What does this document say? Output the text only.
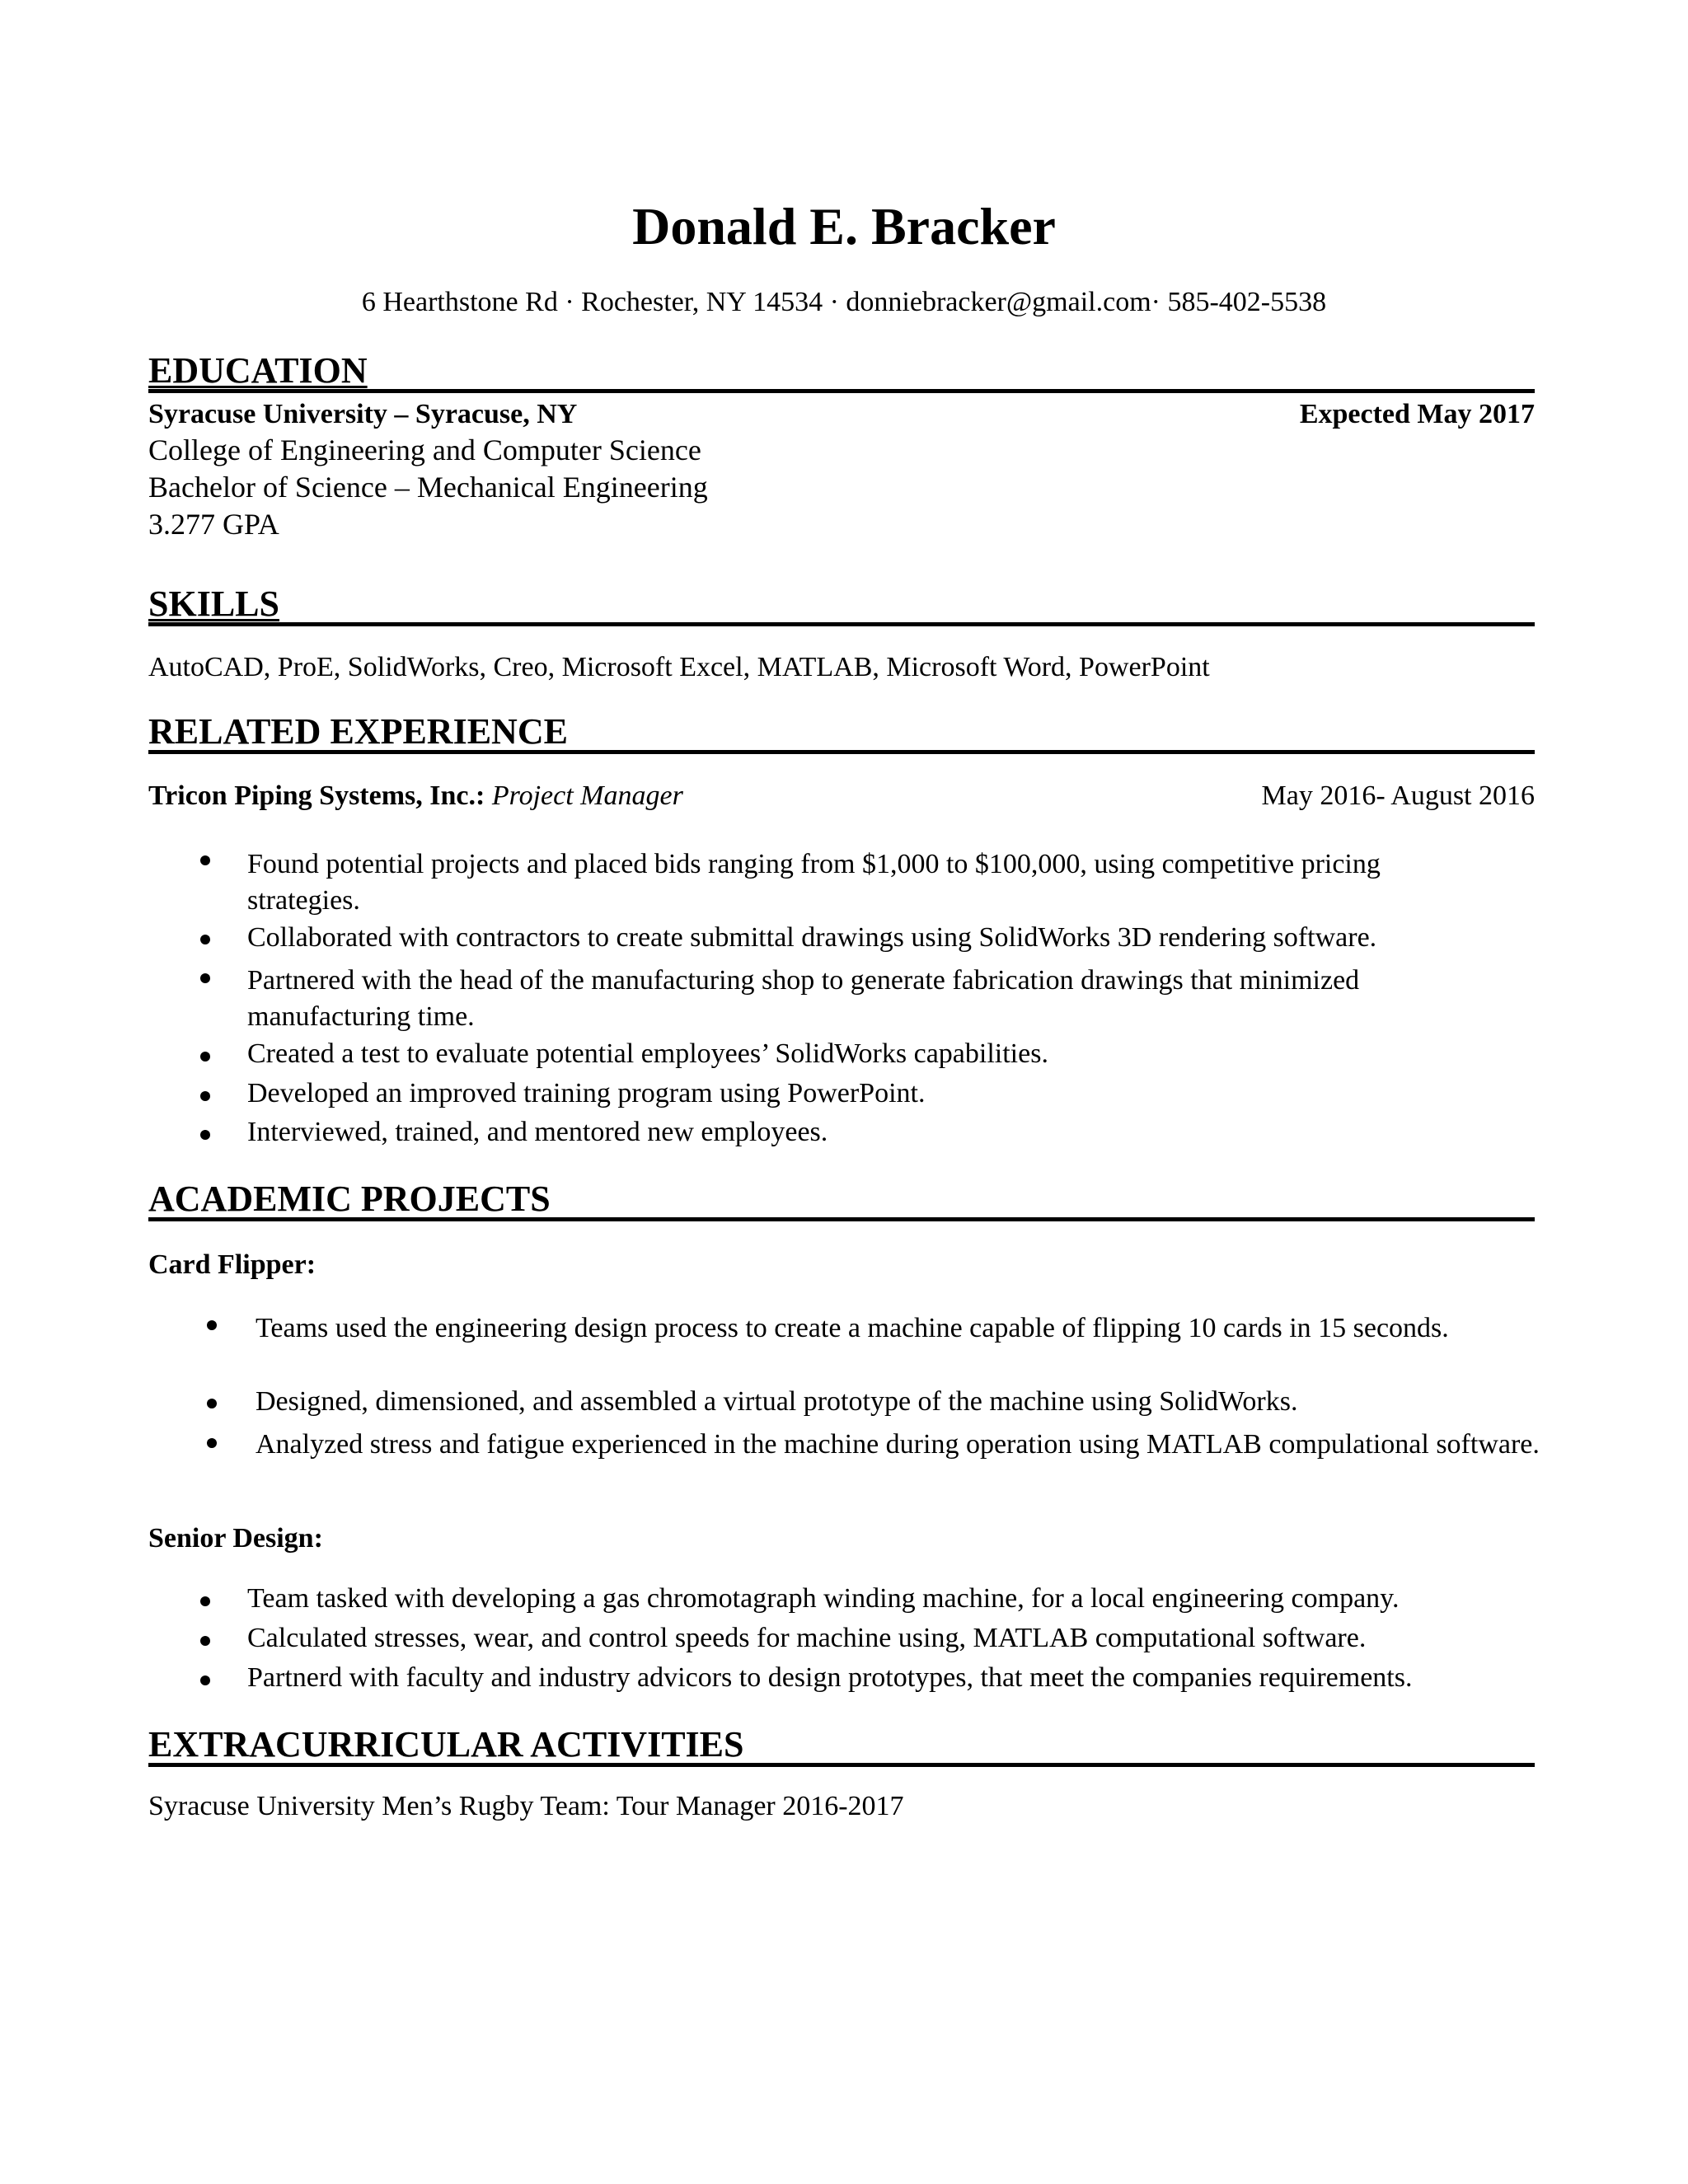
Donald E. Bracker
6 Hearthstone Rd · Rochester, NY 14534 · donniebracker@gmail.com· 585-402-5538
EDUCATION
Syracuse University – Syracuse, NY	Expected May 2017
College of Engineering and Computer Science
Bachelor of Science – Mechanical Engineering
3.277 GPA
SKILLS
AutoCAD, ProE, SolidWorks, Creo, Microsoft Excel, MATLAB, Microsoft Word, PowerPoint
RELATED EXPERIENCE
Tricon Piping Systems, Inc.: Project Manager	May 2016- August 2016
Found potential projects and placed bids ranging from $1,000 to $100,000, using competitive pricing strategies.
Collaborated with contractors to create submittal drawings using SolidWorks 3D rendering software.
Partnered with the head of the manufacturing shop to generate fabrication drawings that minimized manufacturing time.
Created a test to evaluate potential employees’ SolidWorks capabilities.
Developed an improved training program using PowerPoint.
Interviewed, trained, and mentored new employees.
ACADEMIC PROJECTS
Card Flipper:
Teams used the engineering design process to create a machine capable of flipping 10 cards in 15 seconds.
Designed, dimensioned, and assembled a virtual prototype of the machine using SolidWorks.
Analyzed stress and fatigue experienced in the machine during operation using MATLAB compulational software.
Senior Design:
Team tasked with developing a gas chromotagraph winding machine, for a local engineering company.
Calculated stresses, wear, and control speeds for machine using, MATLAB computational software.
Partnerd with faculty and industry advicors to design prototypes, that meet the companies requirements.
EXTRACURRICULAR ACTIVITIES
Syracuse University Men’s Rugby Team: Tour Manager 2016-2017
